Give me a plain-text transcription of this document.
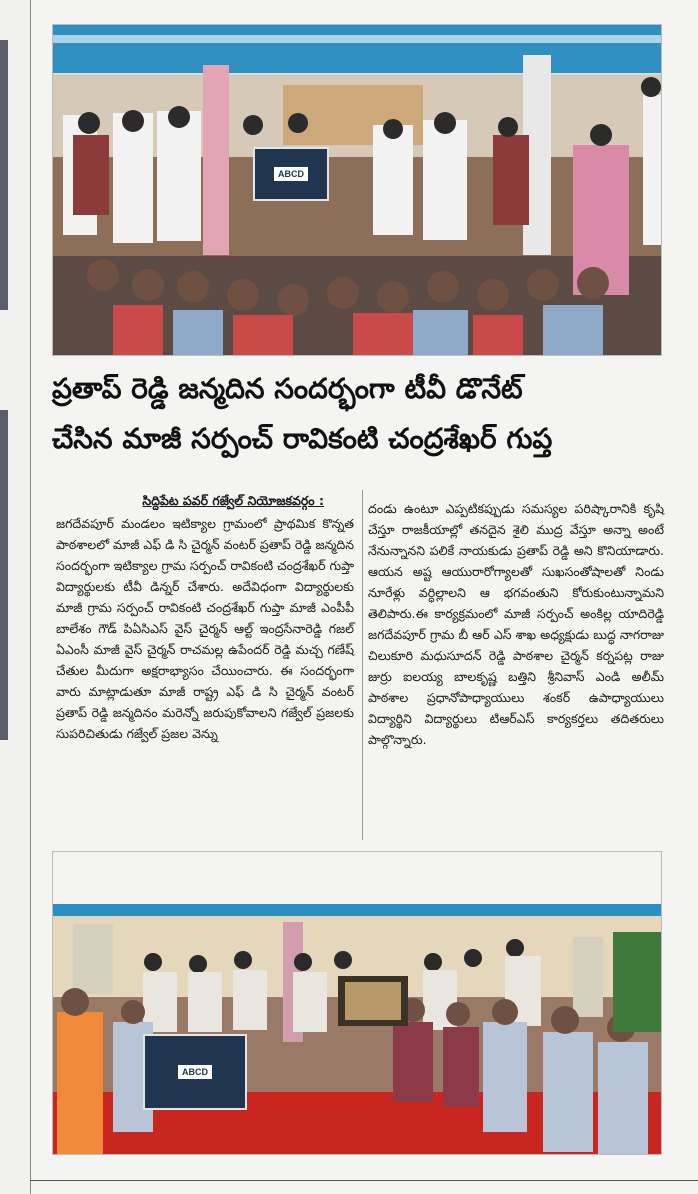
ABCD
ప్రతాప్ రెడ్డి జన్మదిన సందర్భంగా టీవీ డొనేట్
చేసిన మాజీ సర్పంచ్ రావికంటి చంద్రశేఖర్ గుప్త
సిద్దిపేట పవర్ గజ్వేల్ నియోజకవర్గం :

జగదేవపూర్ మండలం ఇటిక్యాల గ్రామంలో ప్రాథమిక కొన్నత పాఠశాలలో మాజీ ఎఫ్ డి సి చైర్మన్ వంటర్ ప్రతాప్ రెడ్డి జన్మదిన సందర్భంగా ఇటిక్యాల గ్రామ సర్పంచ్ రావికంటి చంద్రశేఖర్ గుప్తా విద్యార్థులకు టీవీ డిన్నర్ చేశారు. అదేవిధంగా విద్యార్థులకు మాజీ గ్రామ సర్పంచ్ రావికంటి చంద్రశేఖర్ గుప్తా మాజీ ఎంపీపీ బాలేశం గౌడ్ పిఏసిఎస్ వైస్ చైర్మన్ ఆల్ట్ ఇంద్రసేనారెడ్డి గజల్ ఏఎంసీ మాజీ వైస్ చైర్మన్ రాచమల్ల ఉపేందర్ రెడ్డి మచ్చ గణేష్ చేతుల మీదుగా అక్షరాభ్యాసం చేయించారు. ఈ సందర్భంగా వారు మాట్లాడుతూ మాజీ రాష్ట్ర ఎఫ్ డి సి చైర్మన్ వంటర్ ప్రతాప్ రెడ్డి జన్మదినం మరెన్నో జరుపుకోవాలని గజ్వేల్ ప్రజలకు సుపరిచితుడు గజ్వేల్ ప్రజల వెన్ను

దండు ఉంటూ ఎప్పటికప్పుడు సమస్యల పరిష్కారానికి కృషి చేస్తూ రాజకీయాల్లో తనదైన శైలి ముద్ర వేస్తూ అన్నా అంటే నేనున్నానని పలికే నాయకుడు ప్రతాప్ రెడ్డి అని కొనియాడారు. ఆయన అష్ట ఆయురారోగ్యాలతో సుఖసంతోషాలతో నిండు నూరేళ్లు వర్ధిల్లాలని ఆ భగవంతుని కోరుకుంటున్నామని తెలిపారు.ఈ కార్యక్రమంలో మాజీ సర్పంచ్ అంకిల్ల యాదిరెడ్డి జగదేవపూర్ గ్రామ బీ ఆర్ ఎస్ శాఖ అధ్యక్షుడు బుద్ధ నాగరాజు చిలుకూరి మధుసూదన్ రెడ్డి పాఠశాల చైర్మన్ కర్నపట్ల రాజు జుర్రు ఐలయ్య బాలకృష్ణ బత్తిని శ్రీనివాస్ ఎండి అలీమ్ పాఠశాల ప్రధానోపాధ్యాయులు శంకర్ ఉపాధ్యాయులు విద్యార్థిని విద్యార్థులు టిఆర్ఎస్ కార్యకర్తలు తదితరులు పాల్గొన్నారు.

ABCD
